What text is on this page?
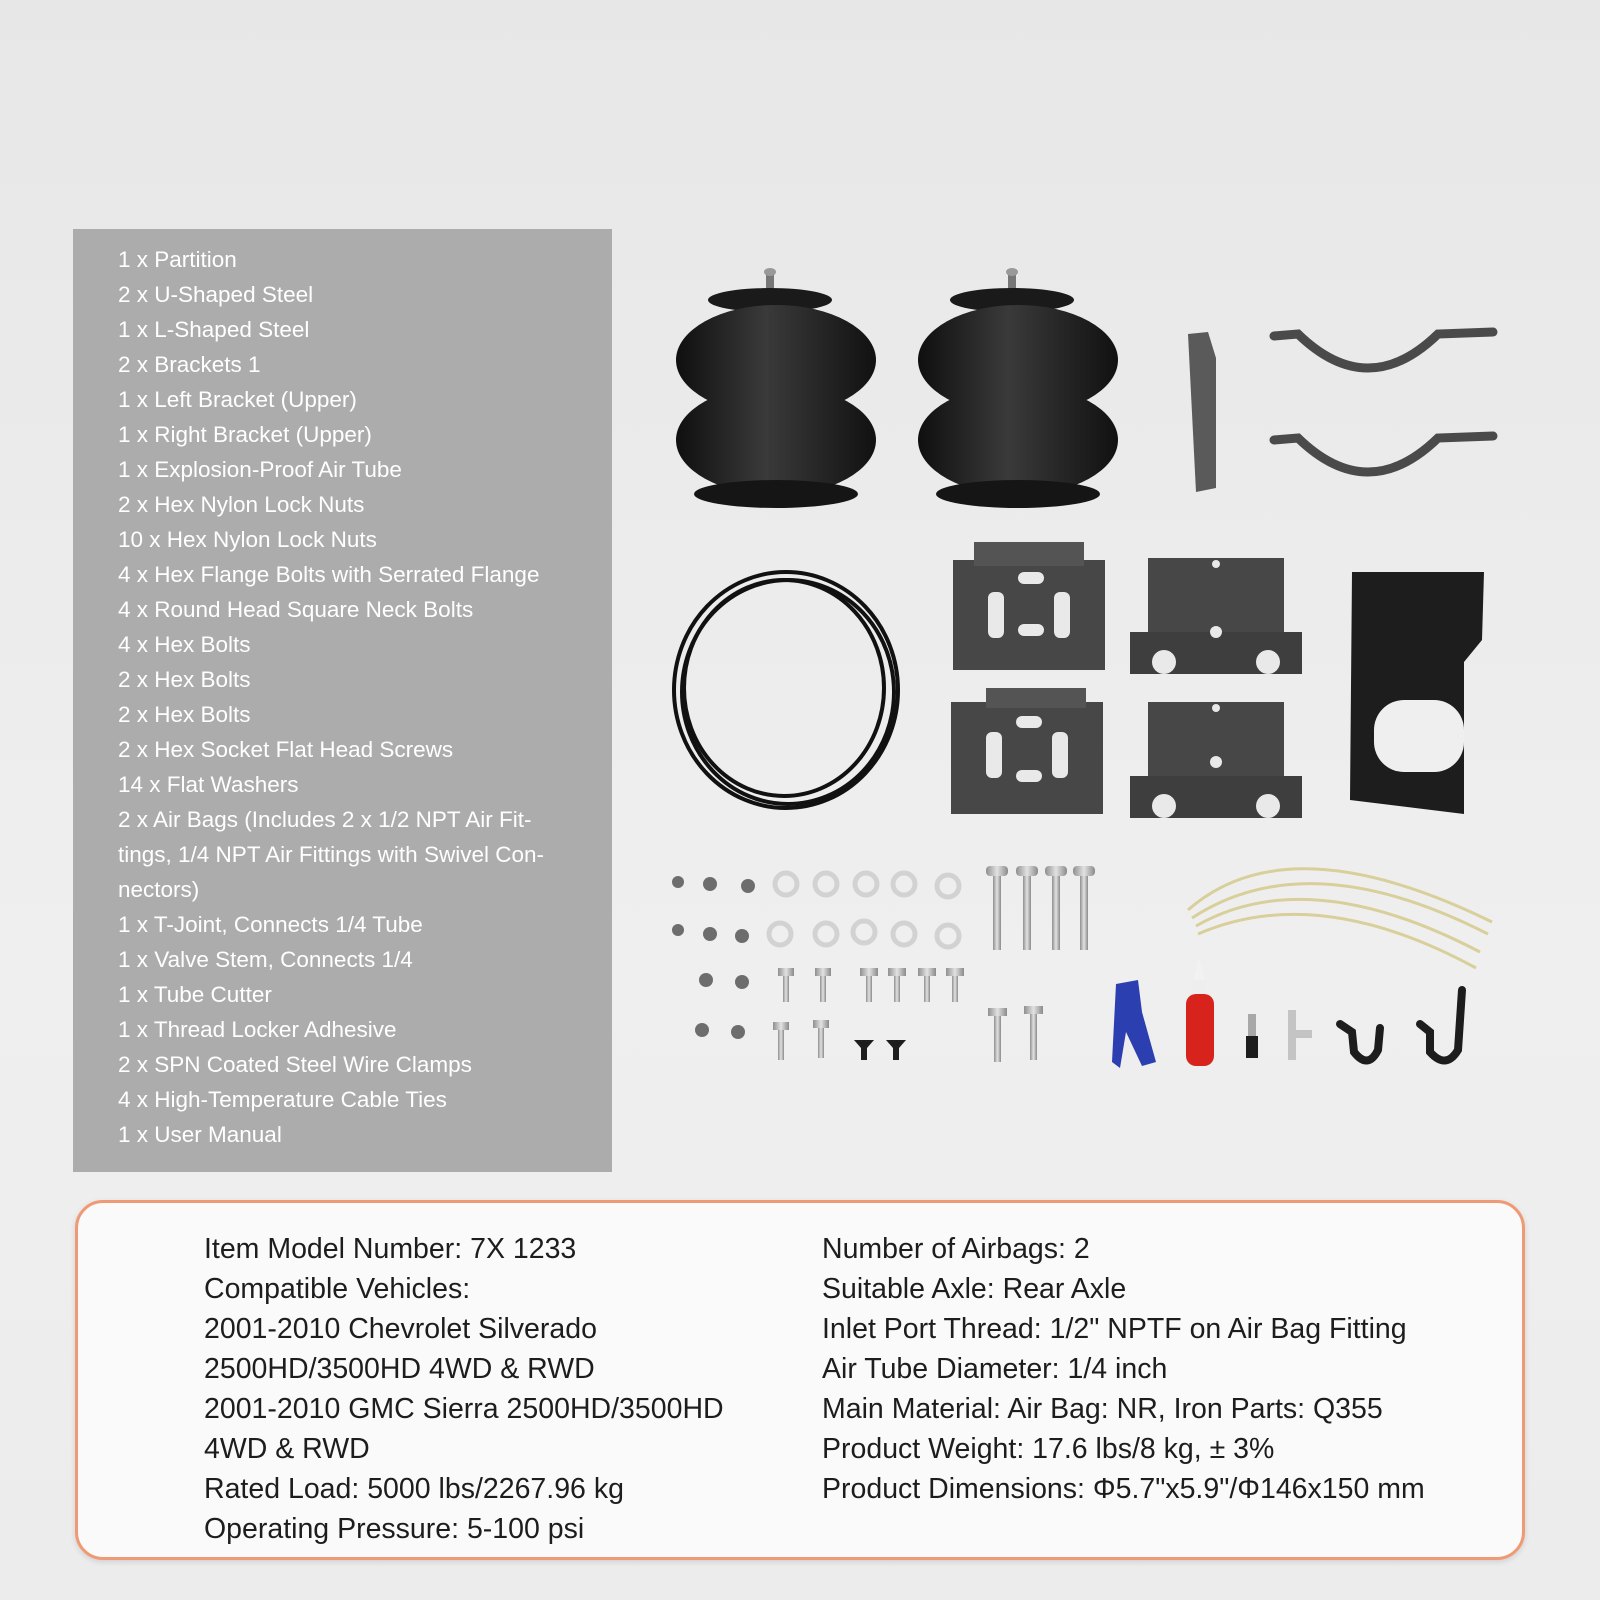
1 x Partition
2 x U-Shaped Steel
1 x L-Shaped Steel
2 x Brackets 1
1 x Left Bracket (Upper)
1 x Right Bracket (Upper)
1 x Explosion-Proof Air Tube
2 x Hex Nylon Lock Nuts
10 x Hex Nylon Lock Nuts
4 x Hex Flange Bolts with Serrated Flange
4 x Round Head Square Neck Bolts
4 x Hex Bolts
2 x Hex Bolts
2 x Hex Bolts
2 x Hex Socket Flat Head Screws
14 x Flat Washers
2 x Air Bags (Includes 2 x 1/2 NPT Air Fit-
tings, 1/4 NPT Air Fittings with Swivel Con-
nectors)
1 x T-Joint, Connects 1/4 Tube
1 x Valve Stem, Connects 1/4
1 x Tube Cutter
1 x Thread Locker Adhesive
2 x SPN Coated Steel Wire Clamps
4 x High-Temperature Cable Ties
1 x User Manual
Item Model Number: 7X 1233
Compatible Vehicles:
2001-2010 Chevrolet Silverado
2500HD/3500HD 4WD & RWD
2001-2010 GMC Sierra 2500HD/3500HD
4WD & RWD
Rated Load: 5000 lbs/2267.96 kg
Operating Pressure: 5-100 psi
Number of Airbags: 2
Suitable Axle: Rear Axle
Inlet Port Thread: 1/2" NPTF on Air Bag Fitting
Air Tube Diameter: 1/4 inch
Main Material: Air Bag: NR, Iron Parts: Q355
Product Weight: 17.6 lbs/8 kg, ± 3%
Product Dimensions: Φ5.7"x5.9"/Φ146x150 mm
